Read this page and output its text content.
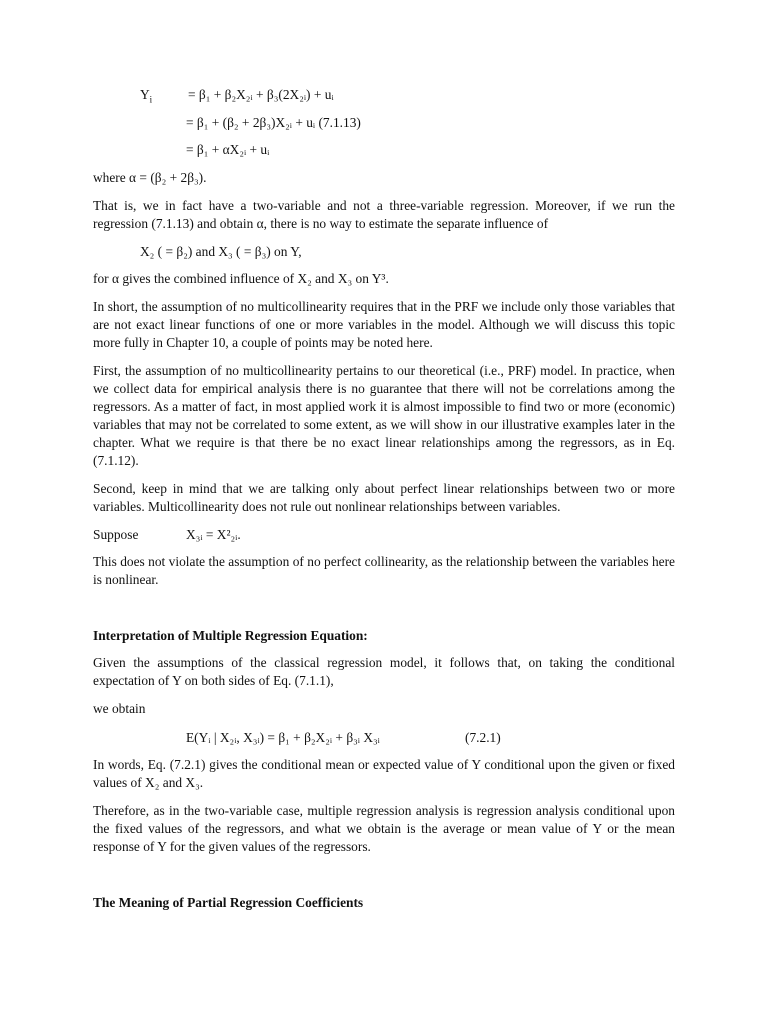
$Y_i$	= β₁ + β₂X₂ᵢ + β₃(2X₂ᵢ) + uᵢ
= β₁ + (β₂ + 2β₃)X₂ᵢ + uᵢ (7.1.13)
= β₁ + αX₂ᵢ + uᵢ
where α = (β₂ + 2β₃).
That is, we in fact have a two-variable and not a three-variable regression. Moreover, if we run the regression (7.1.13) and obtain α, there is no way to estimate the separate influence of
X₂ ( = β₂) and X₃ ( = β₃) on Y,
for α gives the combined influence of X₂ and X₃ on Y³.
In short, the assumption of no multicollinearity requires that in the PRF we include only those variables that are not exact linear functions of one or more variables in the model. Although we will discuss this topic more fully in Chapter 10, a couple of points may be noted here.
First, the assumption of no multicollinearity pertains to our theoretical (i.e., PRF) model. In practice, when we collect data for empirical analysis there is no guarantee that there will not be correlations among the regressors. As a matter of fact, in most applied work it is almost impossible to find two or more (economic) variables that may not be correlated to some extent, as we will show in our illustrative examples later in the chapter. What we require is that there be no exact linear relationships among the regressors, as in Eq. (7.1.12).
Second, keep in mind that we are talking only about perfect linear relationships between two or more variables. Multicollinearity does not rule out nonlinear relationships between variables.
Suppose	X₃ᵢ = X²₂ᵢ.
This does not violate the assumption of no perfect collinearity, as the relationship between the variables here is nonlinear.
Interpretation of Multiple Regression Equation:
Given the assumptions of the classical regression model, it follows that, on taking the conditional expectation of Y on both sides of Eq. (7.1.1),
we obtain
E(Yᵢ | X₂ᵢ, X₃ᵢ) = β₁ + β₂X₂ᵢ + β₃ᵢ X₃ᵢ	(7.2.1)
In words, Eq. (7.2.1) gives the conditional mean or expected value of Y conditional upon the given or fixed values of X₂ and X₃.
Therefore, as in the two-variable case, multiple regression analysis is regression analysis conditional upon the fixed values of the regressors, and what we obtain is the average or mean value of Y or the mean response of Y for the given values of the regressors.
The Meaning of Partial Regression Coefficients
